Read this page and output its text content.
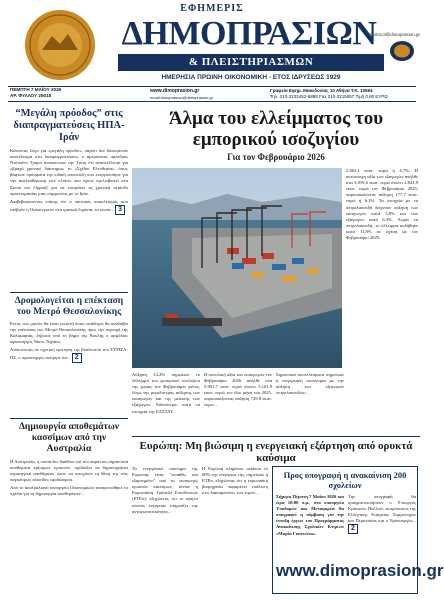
ΕΦΗΜΕΡΙΣ
ΔΗΜΟΠΡΑΣΙΩΝ
& ΠΛΕΙΣΤΗΡΙΑΣΜΩΝ
ΗΜΕΡΗΣΙΑ ΠΡΩΙΝΗ ΟΙΚΟΝΟΜΙΚΗ - ΕΤΟΣ ΙΔΡΥΣΕΩΣ 1929
protocol@dimoprasion.gr
ΠΕΜΠΤΗ 7 ΜΑΪΟΥ 2026
ΑΡ. ΦΥΛΛΟΥ 25018
www.dimoprasion.gr
email:dimoprasion@dimoprasion.gr
Γραφεία Εφημ. Μακεδονίας 10 Αθήνα Τ.Κ. 10564
Τηλ. 210-3233452-6888 Fax 210-3215857 Τιμή 0,60 ΕΥΡΩ
“Μεγάλη πρόοδος” στις διαπραγματεύσεις ΗΠΑ-Ιράν
Κάνοντας λόγο για «μεγάλη πρόοδο», παρότι δεν διευκρίνισε αποτέλεσμα στις διαπραγματεύσεις, ο αμερικανός πρόεδρος Ντόναλντ Τραμπ ανακοίνωσε την Τρίτη ότι αναστέλλεται για «βραχύ χρονικό διάστημα» το «Σχέδιο Ελευθερία», όπως βάφτισε πρόσφατα την ειδική αποστολή που ενεργοποίησε για την απελευθέρωση των πλοίων που έχουν εγκλωβιστεί στα Στενά του Ορμούζ για να επιτρέψει τη χρονική περίοδο προετοιμασίας μιας συμφωνίας με το Ιράν.
Διαβεβαιώνοντας επίσης ότι ο ναυτικός αποκλεισμός που επέβαλε η Ουάσινγκτον στα ιρανικά λιμάνια, τα οποία... 3
Δρομολογείται η επέκταση του Μετρό Θεσσαλονίκης
Εντός των μηνών θα είναι γνωστή ποιος ανάδοχος θα αναλάβει την επέκταση του Μετρό Θεσσαλονίκης προς την περιοχή της Καλαμαριάς, δήλωσε από το βήμα της Βουλής ο αρμόδιος υφυπουργός Νίκος Ταχιάος.
Απαντώντας σε σχετική ερώτηση της βουλευτού του ΣΥΡΙΖΑ-ΠΣ, ο υφυπουργός ανέφερε ότι... 2
Δημιουργία αποθεμάτων κασσίμων από την Αυστραλία
Η Αυστραλία, η οποία δεν διαθέτει επί του παρόντος σημαντικά αποθέματα κρίσιμων ορυκτών, σχεδιάζει να δημιουργήσει στρατηγικά αποθέματα, ώστε να ενισχύσει τη θέση της στις παγκόσμιες αλυσίδες εφοδιασμού.
Από το αυστραλιανό υπουργείο Οικονομικών ανακοινώθηκε το σχέδιο για τη δημιουργία αποθεμάτων...
Άλμα του ελλείμματος του εμπορικού ισοζυγίου
Για τον Φεβρουάριο 2026
2.863,1 εκατ. ευρώ ή 4,7%. Η αντίστοιχη αξία των εξαγωγών ανήλθε στα 3.019,6 εκατ. ευρώ έναντι 2.841,9 εκατ. ευρώ τον Φεβρουάριο 2025, παρουσιάζοντας αύξηση 177,7 εκατ. ευρώ ή 6,3%. Τα στοιχεία με τα πετρελαιοειδή δείχνουν αύξηση των εισαγωγών κατά 5,8% και των εξαγωγών κατά 6,3%. Χωρίς τα πετρελαιοειδή, το έλλειμμα αυξήθηκε κατά 11,8% σε σχέση με τον Φεβρουάριο 2025.
Αύξηση 14,2% σημείωσε το έλλειμμα του εμπορικού ισοζυγίου της χώρας τον Φεβρουάριο φέτος, λόγω της μεγαλύτερης αύξησης των εισαγωγών και της μείωσης των εξαγωγών. Ειδικότερα, κατά τα στοιχεία της ΕΛΣΤΑΤ...
Η συνολική αξία των εισαγωγών τον Φεβρουάριο 2026 ανήλθε στα 5.891,7 εκατ. ευρώ έναντι 5.161,9 εκατ. ευρώ τον ίδιο μήνα του 2025, παρουσιάζοντας αύξηση 729,8 εκατ. ευρώ...
Σημαντικά αποτελέσματα σημείωσε η ενεργειακή αυτονομία με την αύξηση των εξαγωγών πετρελαιοειδών...
Ευρώπη: Μη βιώσιμη η ενεργειακή εξάρτηση από ορυκτά καύσιμα
Το ενεργειακό σύστημα της Ευρώπης είναι "ευπαθές και εξαρτημένο" από τις εισαγωγές ορυκτών καυσίμων, τόνισε η Ευρωπαϊκή Τράπεζα Επενδύσεων (ΕΤΕπ), εξηγώντας ότι το υψηλό κόστος ενέργειας επηρεάζει την ανταγωνιστικότητα...
Η Ευρώπη πληρώνει περίπου το 60% της ενέργειας της, σημείωσε η ΕΤΕπ, εξηγώντας ότι η ευρωπαϊκή βιομηχανία παραμένει ευάλωτη στις διακυμάνσεις των τιμών...
Προς υπογραφή η ανακαίνιση 200 σχολείων
Σήμερα Πέμπτη 7 Μαΐου 2026 και ώρα 10:00 π.μ., στο υπουργείο Υποδομών και Μεταφορών θα υπογραφεί η σύμβαση για την ένταξη έργων του Προγράμματος Ανακαίνισης Σχολικών Κτιρίων «Μαρία Γκαντώνα».
Την υπογραφή θα πραγματοποιήσουν ο Υπουργός Κρατικών Πολλών, εκπρόσωπος της Ελληνικής Εταιρείας Συμμετοχών και Περιουσίας και ο Υφυπουργός... 2
www.dimoprasion.gr
